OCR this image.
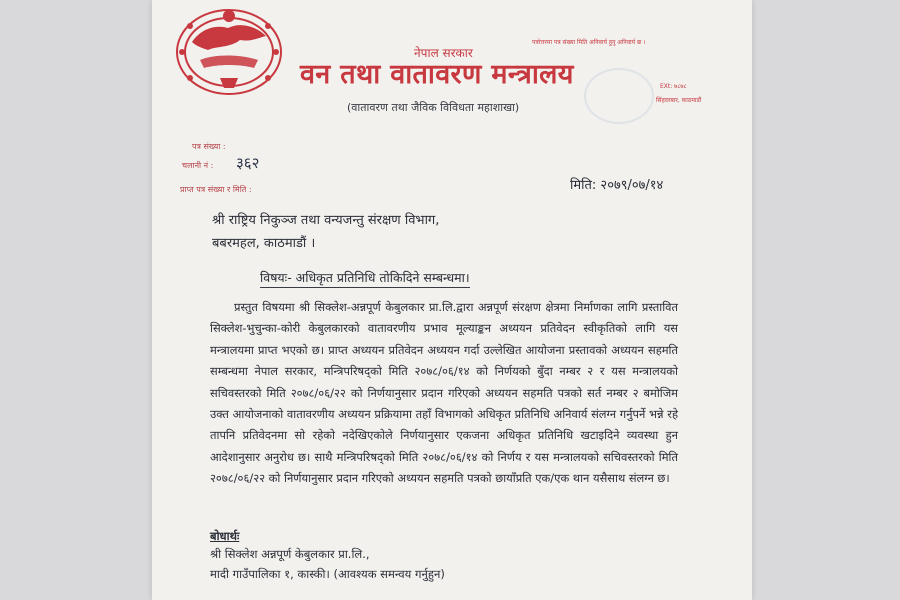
नेपाल सरकार
वन तथा वातावरण मन्त्रालय
(वातावरण तथा जैविक विविधता महाशाखा)
पत्रोत्तरमा पत्र संख्या मिति अनिवार्य हुनु अनिवार्य छ ।
EXt: ७८७८
सिंहदरबार, काठमाडौं
पत्र संख्या :
चलानी नं : ३६२
प्राप्त पत्र संख्या र मिति :	मिति: २०७९/०७/१४
श्री राष्ट्रिय निकुञ्ज तथा वन्यजन्तु संरक्षण विभाग,
बबरमहल, काठमाडौं ।
विषयः- अधिकृत प्रतिनिधि तोकिदिने सम्बन्धमा।
प्रस्तुत विषयमा श्री सिक्लेश-अन्नपूर्ण केबुलकार प्रा.लि.द्वारा अन्नपूर्ण संरक्षण क्षेत्रमा निर्माणका लागि प्रस्तावित सिक्लेश-भुचुन्का-कोरी केबुलकारको वातावरणीय प्रभाव मूल्याङ्कन अध्ययन प्रतिवेदन स्वीकृतिको लागि यस मन्त्रालयमा प्राप्त भएको छ। प्राप्त अध्ययन प्रतिवेदन अध्ययन गर्दा उल्लेखित आयोजना प्रस्तावको अध्ययन सहमति सम्बन्धमा नेपाल सरकार, मन्त्रिपरिषद्को मिति २०७८/०६/१४ को निर्णयको बुँदा नम्बर २ र यस मन्त्रालयको सचिवस्तरको मिति २०७८/०६/२२ को निर्णयानुसार प्रदान गरिएको अध्ययन सहमति पत्रको सर्त नम्बर २ बमोजिम उक्त आयोजनाको वातावरणीय अध्ययन प्रक्रियामा तहाँ विभागको अधिकृत प्रतिनिधि अनिवार्य संलग्न गर्नुपर्ने भन्ने रहे तापनि प्रतिवेदनमा सो रहेको नदेखिएकोले निर्णयानुसार एकजना अधिकृत प्रतिनिधि खटाइदिने व्यवस्था हुन आदेशानुसार अनुरोध छ। साथै मन्त्रिपरिषद्को मिति २०७८/०६/१४ को निर्णय र यस मन्त्रालयको सचिवस्तरको मिति २०७८/०६/२२ को निर्णयानुसार प्रदान गरिएको अध्ययन सहमति पत्रको छायाँप्रति एक/एक थान यसैसाथ संलग्न छ।
बोधार्थः
श्री सिक्लेश अन्नपूर्ण केबुलकार प्रा.लि.,
मादी गाउँपालिका १, कास्की। (आवश्यक समन्वय गर्नुहुन)
